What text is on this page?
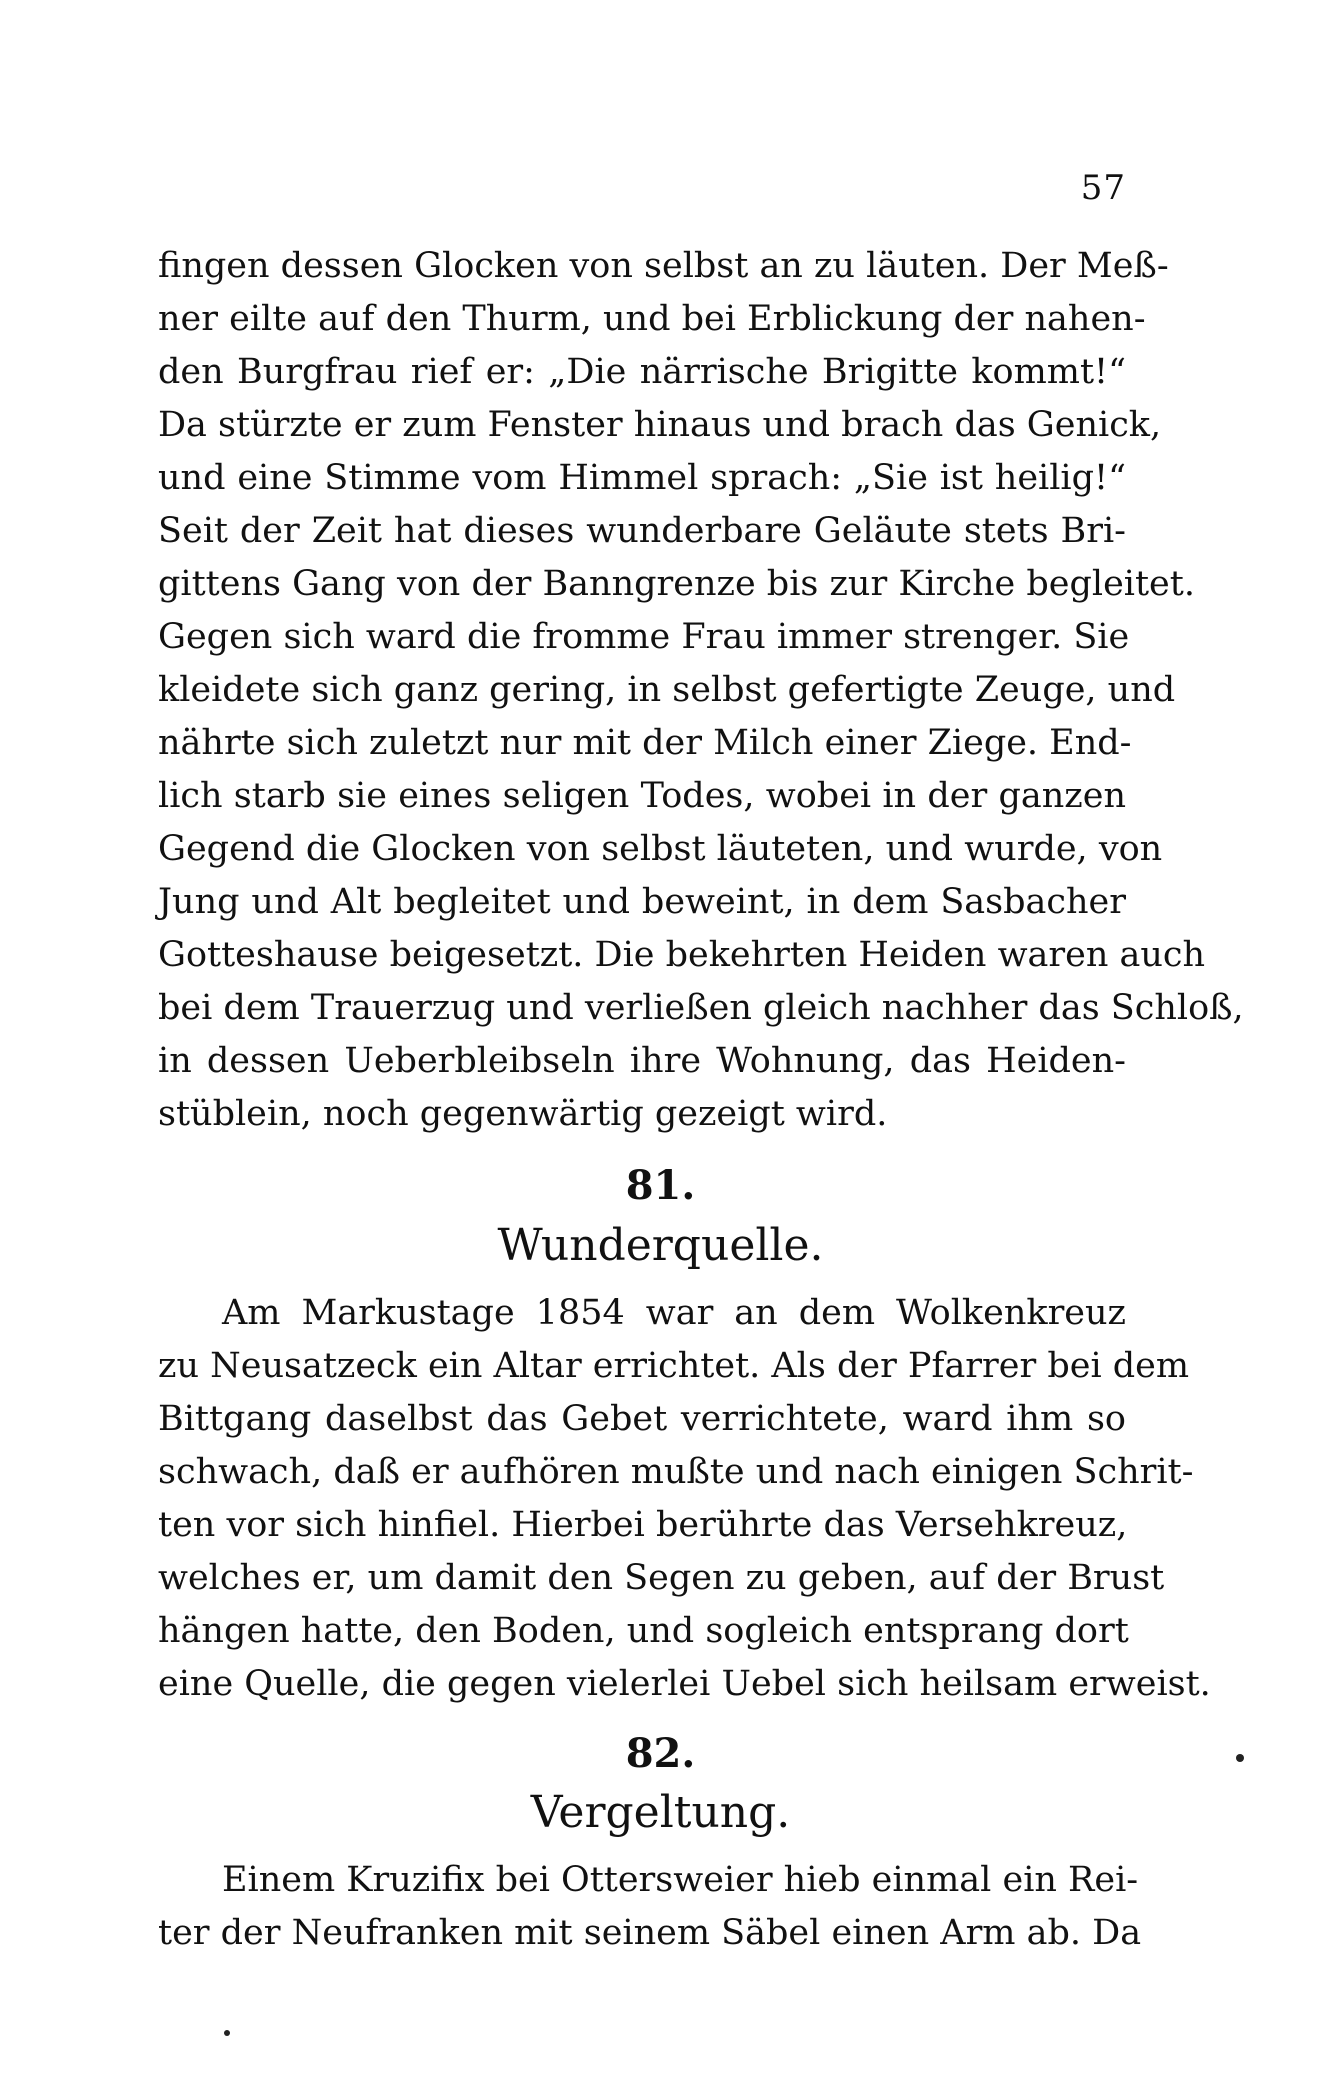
57
fingen dessen Glocken von selbst an zu läuten. Der Meß-
ner eilte auf den Thurm, und bei Erblickung der nahen-
den Burgfrau rief er: „Die närrische Brigitte kommt!“
Da stürzte er zum Fenster hinaus und brach das Genick,
und eine Stimme vom Himmel sprach: „Sie ist heilig!“
Seit der Zeit hat dieses wunderbare Geläute stets Bri-
gittens Gang von der Banngrenze bis zur Kirche begleitet.
Gegen sich ward die fromme Frau immer strenger. Sie
kleidete sich ganz gering, in selbst gefertigte Zeuge, und
nährte sich zuletzt nur mit der Milch einer Ziege. End-
lich starb sie eines seligen Todes, wobei in der ganzen
Gegend die Glocken von selbst läuteten, und wurde, von
Jung und Alt begleitet und beweint, in dem Sasbacher
Gotteshause beigesetzt. Die bekehrten Heiden waren auch
bei dem Trauerzug und verließen gleich nachher das Schloß,
in dessen Ueberbleibseln ihre Wohnung, das Heiden-
stüblein, noch gegenwärtig gezeigt wird.
81.
Wunderquelle.
Am Markustage 1854 war an dem Wolkenkreuz
zu Neusatzeck ein Altar errichtet. Als der Pfarrer bei dem
Bittgang daselbst das Gebet verrichtete, ward ihm so
schwach, daß er aufhören mußte und nach einigen Schrit-
ten vor sich hinfiel. Hierbei berührte das Versehkreuz,
welches er, um damit den Segen zu geben, auf der Brust
hängen hatte, den Boden, und sogleich entsprang dort
eine Quelle, die gegen vielerlei Uebel sich heilsam erweist.
82.
Vergeltung.
Einem Kruzifix bei Ottersweier hieb einmal ein Rei-
ter der Neufranken mit seinem Säbel einen Arm ab. Da
